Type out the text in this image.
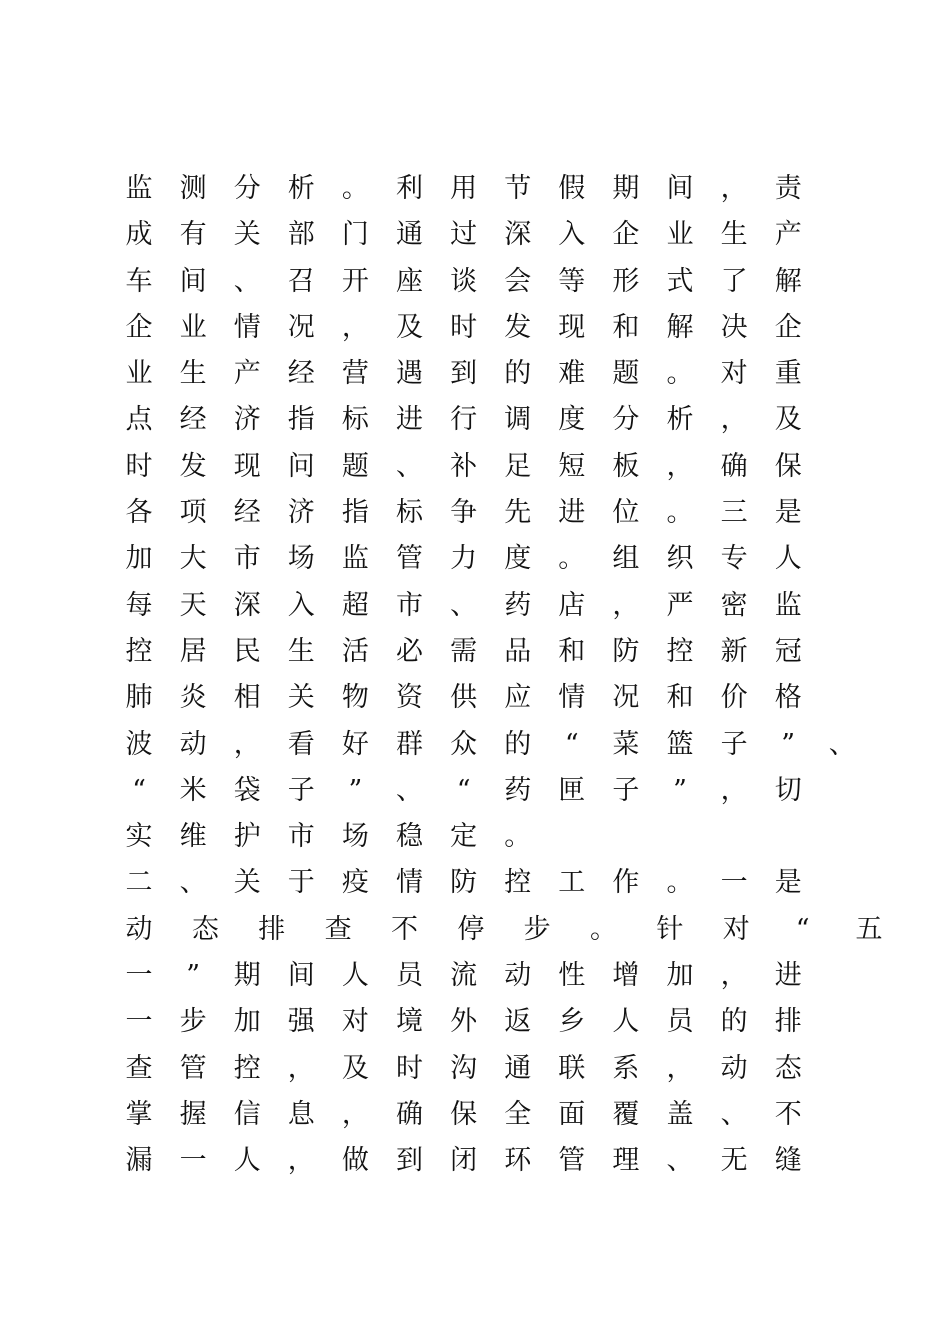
监 测 分 析 。 利 用 节 假 期 间 ， 责
成 有 关 部 门 通 过 深 入 企 业 生 产
车 间 、 召 开 座 谈 会 等 形 式 了 解
企 业 情 况 ， 及 时 发 现 和 解 决 企
业 生 产 经 营 遇 到 的 难 题 。 对 重
点 经 济 指 标 进 行 调 度 分 析 ， 及
时 发 现 问 题 、 补 足 短 板 ， 确 保
各 项 经 济 指 标 争 先 进 位 。 三 是
加 大 市 场 监 管 力 度 。 组 织 专 人
每 天 深 入 超 市 、 药 店 ， 严 密 监
控 居 民 生 活 必 需 品 和 防 控 新 冠
肺 炎 相 关 物 资 供 应 情 况 和 价 格
波 动 ， 看 好 群 众 的 “ 菜 篮 子 ” 、
“ 米 袋 子 ” 、 “ 药 匣 子 ” ， 切
实 维 护 市 场 稳 定 。
二 、 关 于 疫 情 防 控 工 作 。 一 是
动 态 排 查 不 停 步 。 针 对 “ 五
一 ” 期 间 人 员 流 动 性 增 加 ， 进
一 步 加 强 对 境 外 返 乡 人 员 的 排
查 管 控 ， 及 时 沟 通 联 系 ， 动 态
掌 握 信 息 ， 确 保 全 面 覆 盖 、 不
漏 一 人 ， 做 到 闭 环 管 理 、 无 缝
